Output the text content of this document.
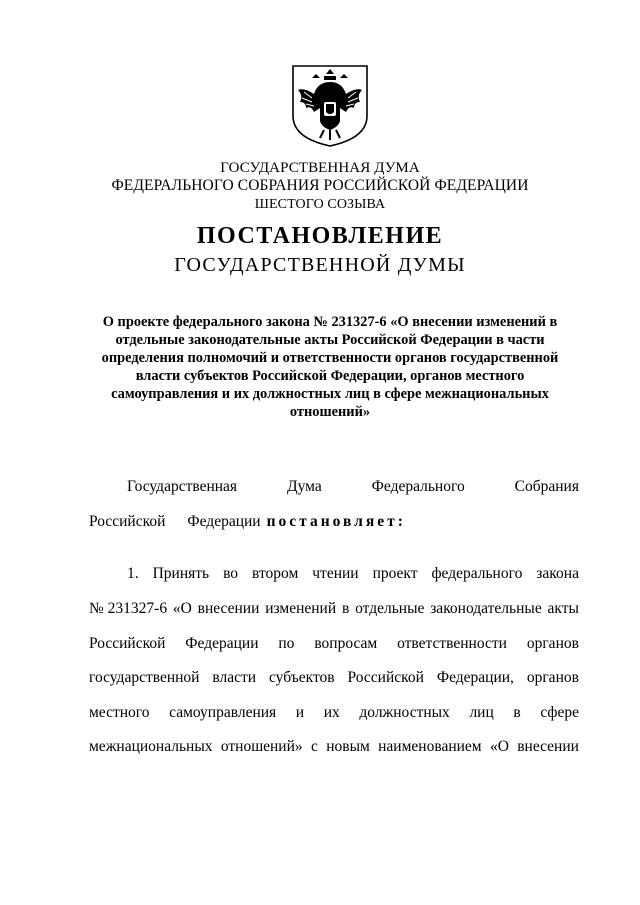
ГОСУДАРСТВЕННАЯ ДУМА
ФЕДЕРАЛЬНОГО СОБРАНИЯ РОССИЙСКОЙ ФЕДЕРАЦИИ
ШЕСТОГО СОЗЫВА
ПОСТАНОВЛЕНИЕ
ГОСУДАРСТВЕННОЙ ДУМЫ
О проекте федерального закона № 231327-6 «О внесении изменений в
отдельные законодательные акты Российской Федерации в части
определения полномочий и ответственности органов государственной
власти субъектов Российской Федерации, органов местного
самоуправления и их должностных лиц в сфере межнациональных
отношений»
Государственная	Дума	Федерального	Собрания
Российской Федерации постановляет:
1. Принять во втором чтении проект федерального закона
№ 231327-6 «О внесении изменений в отдельные законодательные акты
Российской Федерации по вопросам ответственности органов
государственной власти субъектов Российской Федерации, органов
местного самоуправления и их должностных лиц в сфере
межнациональных отношений» с новым наименованием «О внесении
